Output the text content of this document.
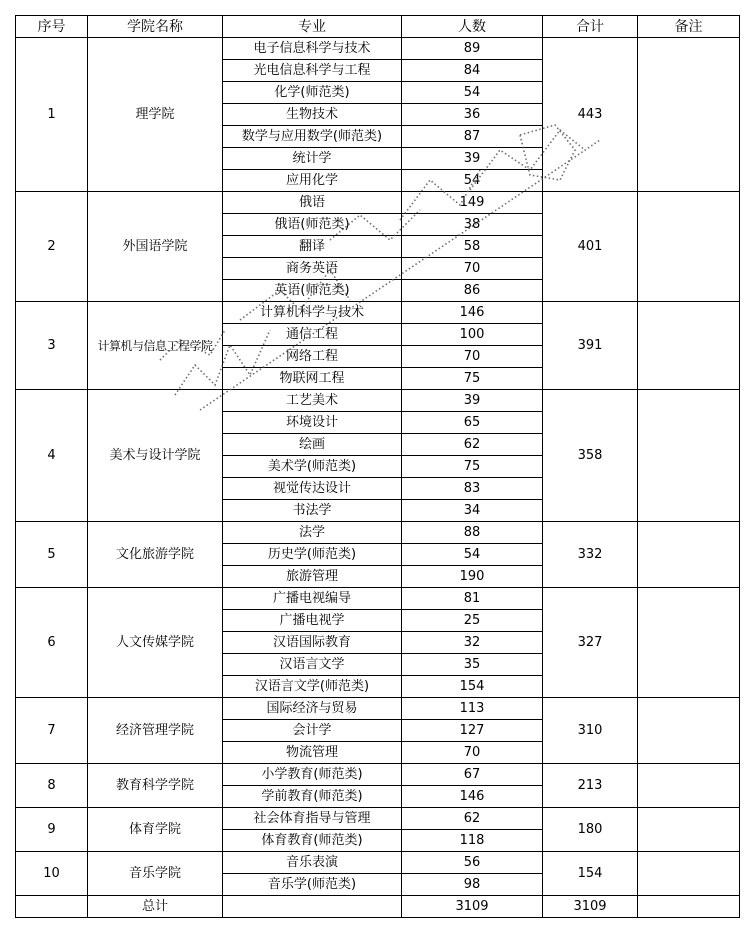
序号	学院名称	专业	人数	合计	备注
1	理学院	电子信息科学与技术	89	443	
		光电信息科学与工程	84		
		化学(师范类)	54		
		生物技术	36		
		数学与应用数学(师范类)	87		
		统计学	39		
		应用化学	54		
2	外国语学院	俄语	149	401	
		俄语(师范类)	38		
		翻译	58		
		商务英语	70		
		英语(师范类)	86		
3	计算机与信息工程学院	计算机科学与技术	146	391	
		通信工程	100		
		网络工程	70		
		物联网工程	75		
4	美术与设计学院	工艺美术	39	358	
		环境设计	65		
		绘画	62		
		美术学(师范类)	75		
		视觉传达设计	83		
		书法学	34		
5	文化旅游学院	法学	88	332	
		历史学(师范类)	54		
		旅游管理	190		
6	人文传媒学院	广播电视编导	81	327	
		广播电视学	25		
		汉语国际教育	32		
		汉语言文学	35		
		汉语言文学(师范类)	154		
7	经济管理学院	国际经济与贸易	113	310	
		会计学	127		
		物流管理	70		
8	教育科学学院	小学教育(师范类)	67	213	
		学前教育(师范类)	146		
9	体育学院	社会体育指导与管理	62	180	
		体育教育(师范类)	118		
10	音乐学院	音乐表演	56	154	
		音乐学(师范类)	98		
	总计		3109	3109	
